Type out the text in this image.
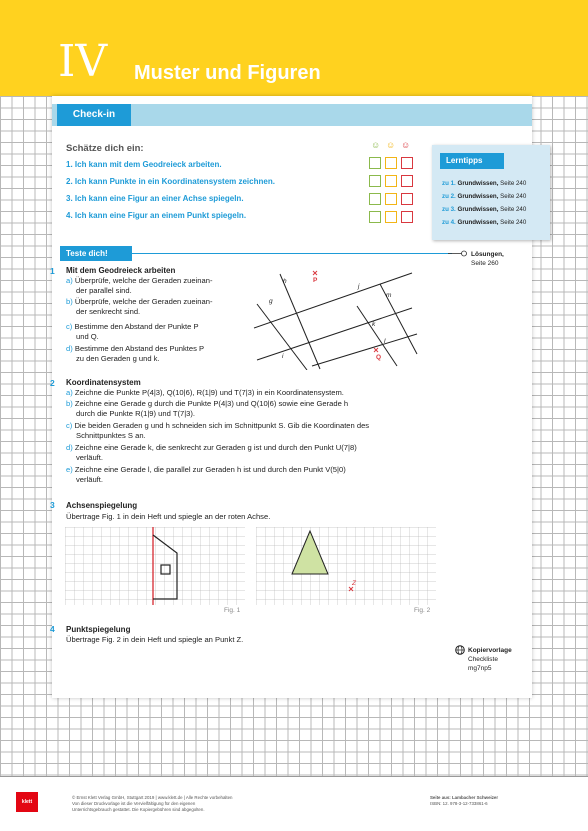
IV Muster und Figuren
Check-in
Schätze dich ein:	☺ ☺ ☺
1. Ich kann mit dem Geodreieck arbeiten.
2. Ich kann Punkte in ein Koordinatensystem zeichnen.
3. Ich kann eine Figur an einer Achse spiegeln.
4. Ich kann eine Figur an einem Punkt spiegeln.
Lerntipps
zu 1. Grundwissen, Seite 240
zu 2. Grundwissen, Seite 240
zu 3. Grundwissen, Seite 240
zu 4. Grundwissen, Seite 240
Teste dich!	Lösungen,
Seite 260
1 Mit dem Geodreieck arbeiten
a) Überprüfe, welche der Geraden zueinan-
der parallel sind.
b) Überprüfe, welche der Geraden zueinan-
der senkrecht sind.
c) Bestimme den Abstand der Punkte P
und Q.
d) Bestimme den Abstand des Punktes P
zu den Geraden g und k.
h
j
g
m
k
l
i
P
Q
2 Koordinatensystem
a) Zeichne die Punkte P(4|3), Q(10|6), R(1|9) und T(7|3) in ein Koordinatensystem.
b) Zeichne eine Gerade g durch die Punkte P(4|3) und Q(10|6) sowie eine Gerade h
durch die Punkte R(1|9) und T(7|3).
c) Die beiden Geraden g und h schneiden sich im Schnittpunkt S. Gib die Koordinaten des
Schnittpunktes S an.
d) Zeichne eine Gerade k, die senkrecht zur Geraden g ist und durch den Punkt U(7|8)
verläuft.
e) Zeichne eine Gerade l, die parallel zur Geraden h ist und durch den Punkt V(5|0)
verläuft.
3 Achsenspiegelung
Übertrage Fig. 1 in dein Heft und spiegle an der roten Achse.
Fig. 1
Z
Fig. 2
4 Punktspiegelung
Übertrage Fig. 2 in dein Heft und spiegle an Punkt Z.
Kopiervorlage
Checkliste
mg7np5
klett
© Ernst Klett Verlag GmbH, Stuttgart 2019 | www.klett.de | Alle Rechte vorbehalten
Von dieser Druckvorlage ist die Vervielfältigung für den eigenen
Unterrichtsgebrauch gestattet. Die Kopiergebühren sind abgegolten.
Seite aus: Lambacher Schweizer
ISBN: 12. 978-3-12-733861-6
